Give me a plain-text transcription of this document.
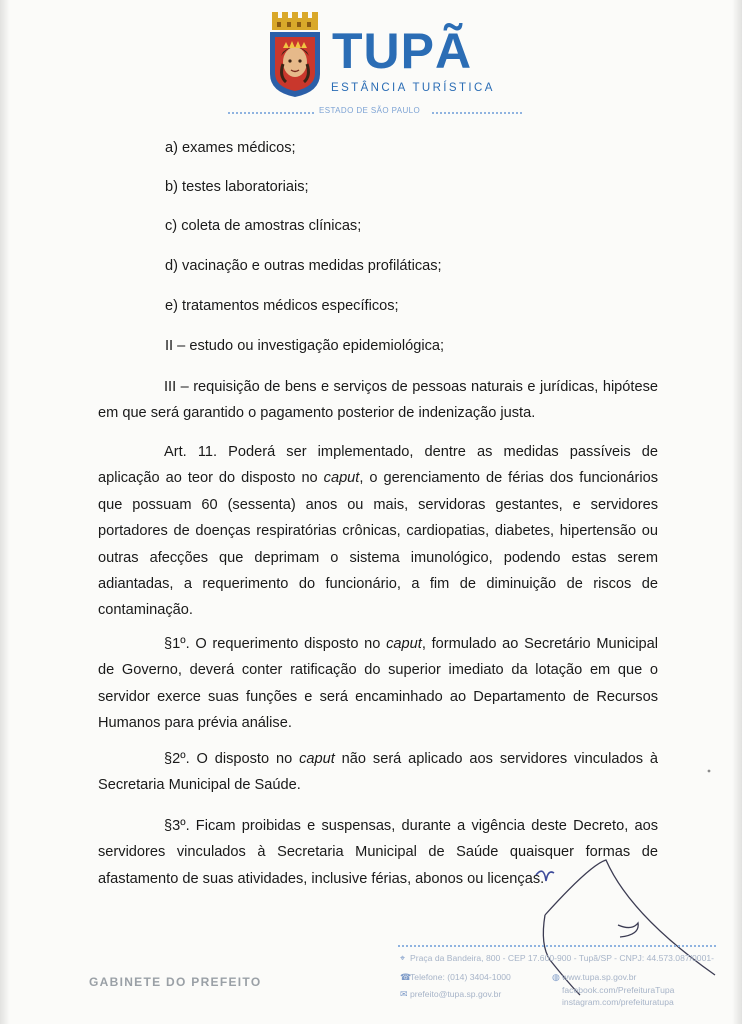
TUPÃ
ESTÂNCIA TURÍSTICA
ESTADO DE SÃO PAULO
a) exames médicos;
b) testes laboratoriais;
c) coleta de amostras clínicas;
d) vacinação e outras medidas profiláticas;
e) tratamentos médicos específicos;
II – estudo ou investigação epidemiológica;
III – requisição de bens e serviços de pessoas naturais e jurídicas, hipótese em que será garantido o pagamento posterior de indenização justa.
Art. 11. Poderá ser implementado, dentre as medidas passíveis de aplicação ao teor do disposto no caput, o gerenciamento de férias dos funcionários que possuam 60 (sessenta) anos ou mais, servidoras gestantes, e servidores portadores de doenças respiratórias crônicas, cardiopatias, diabetes, hipertensão ou outras afecções que deprimam o sistema imunológico, podendo estas serem adiantadas, a requerimento do funcionário, a fim de diminuição de riscos de contaminação.
§1º. O requerimento disposto no caput, formulado ao Secretário Municipal de Governo, deverá conter ratificação do superior imediato da lotação em que o servidor exerce suas funções e será encaminhado ao Departamento de Recursos Humanos para prévia análise.
§2º. O disposto no caput não será aplicado aos servidores vinculados à Secretaria Municipal de Saúde.
§3º. Ficam proibidas e suspensas, durante a vigência deste Decreto, aos servidores vinculados à Secretaria Municipal de Saúde quaisquer formas de afastamento de suas atividades, inclusive férias, abonos ou licenças.
GABINETE DO PREFEITO
⌖ Praça da Bandeira, 800 - CEP 17.600-900 - Tupã/SP - CNPJ: 44.573.087/0001-
☎Telefone: (014) 3404-1000
✉ prefeito@tupa.sp.gov.br
◍ www.tupa.sp.gov.br
facebook.com/PrefeituraTupa
instagram.com/prefeituratupa
